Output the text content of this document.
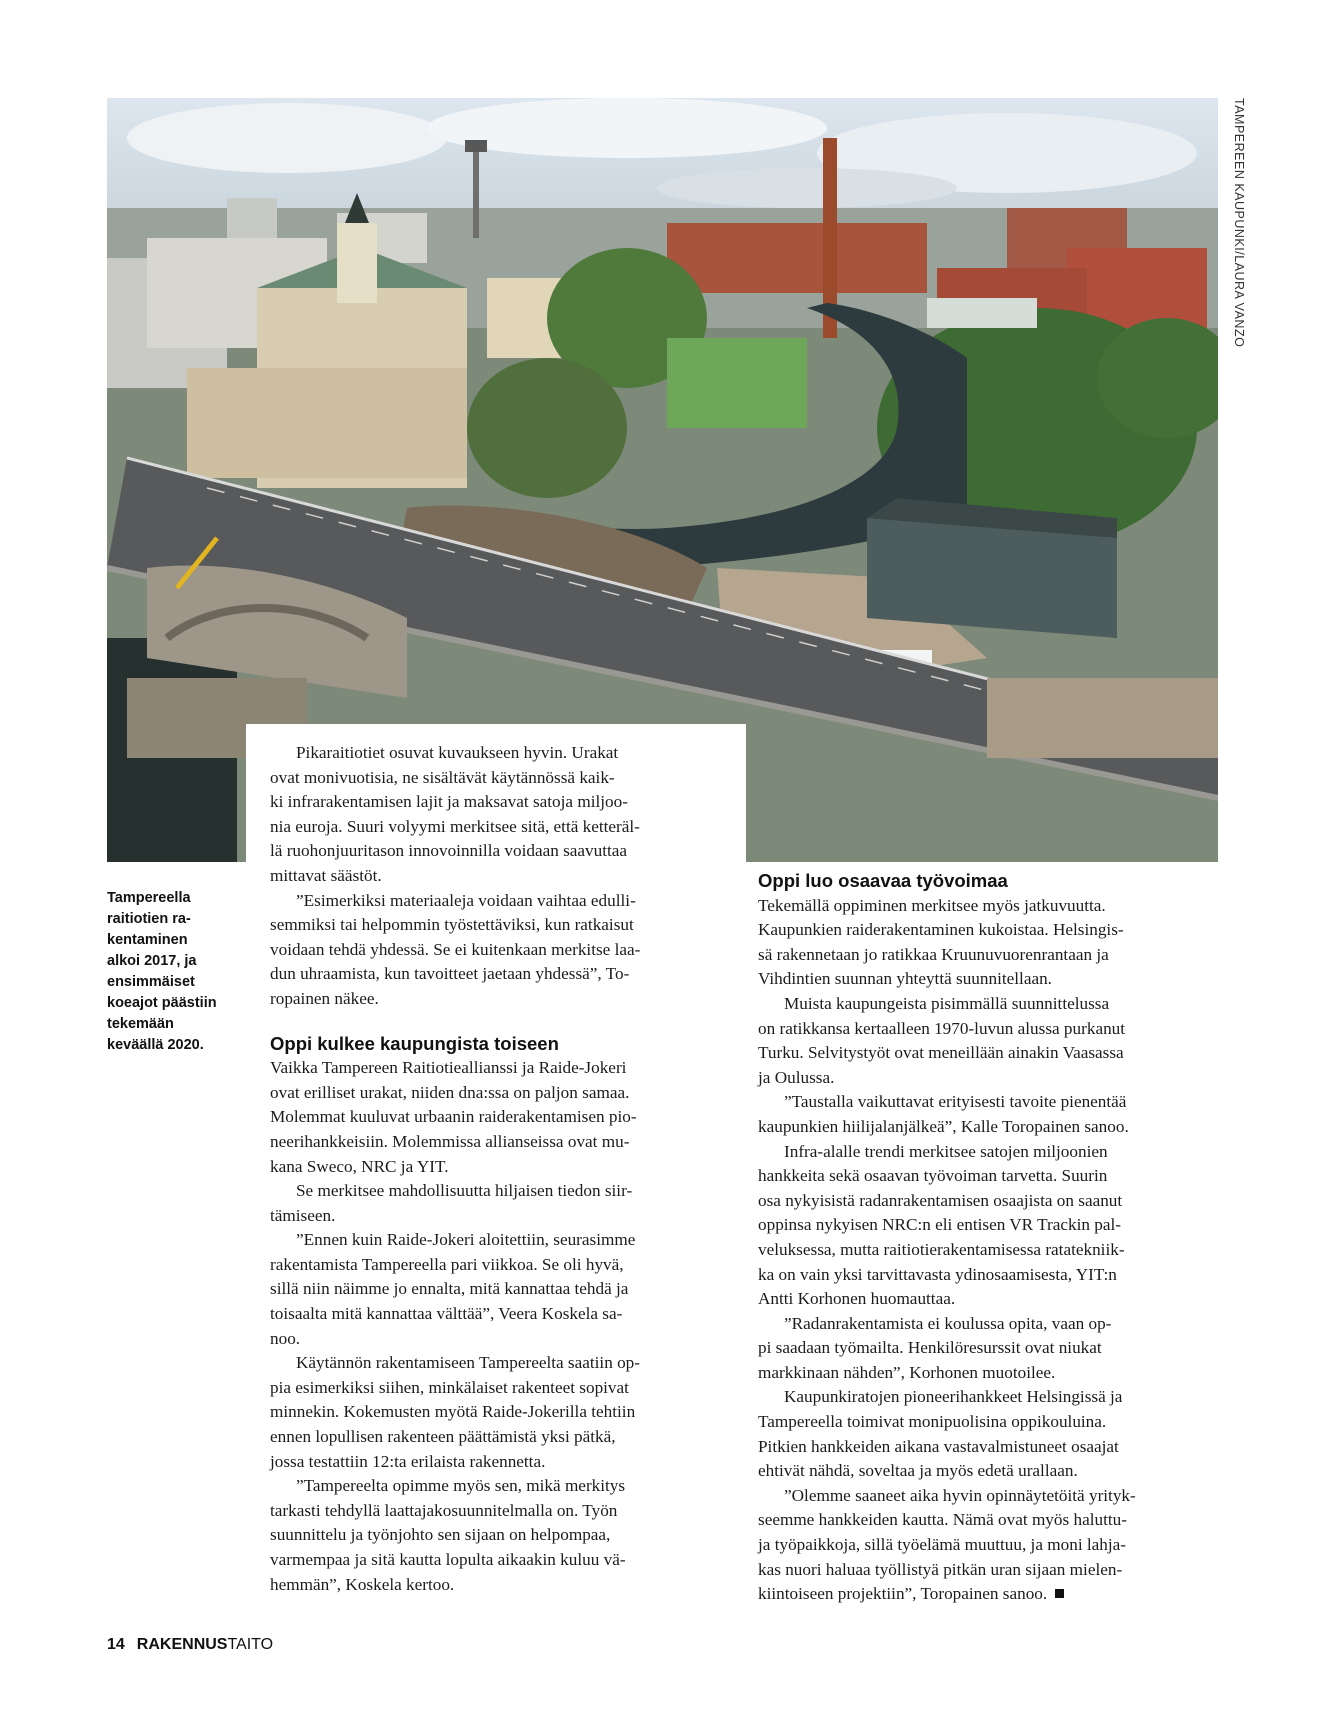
TAMPEREEN KAUPUNKI/LAURA VANZO
Tampereella
raitiotien ra-
kentaminen
alkoi 2017, ja
ensimmäiset
koeajot päästiin
tekemään
keväällä 2020.
Pikaraitiotiet osuvat kuvaukseen hyvin. Urakat
ovat monivuotisia, ne sisältävät käytännössä kaik-
ki infrarakentamisen lajit ja maksavat satoja miljoo-
nia euroja. Suuri volyymi merkitsee sitä, että ketteräl-
lä ruohonjuuritason innovoinnilla voidaan saavuttaa
mittavat säästöt.
”Esimerkiksi materiaaleja voidaan vaihtaa edulli-
semmiksi tai helpommin työstettäviksi, kun ratkaisut
voidaan tehdä yhdessä. Se ei kuitenkaan merkitse laa-
dun uhraamista, kun tavoitteet jaetaan yhdessä”, To-
ropainen näkee.
Oppi kulkee kaupungista toiseen
Vaikka Tampereen Raitiotieallianssi ja Raide-Jokeri
ovat erilliset urakat, niiden dna:ssa on paljon samaa.
Molemmat kuuluvat urbaanin raiderakentamisen pio-
neerihankkeisiin. Molemmissa allianseissa ovat mu-
kana Sweco, NRC ja YIT.
Se merkitsee mahdollisuutta hiljaisen tiedon siir-
tämiseen.
”Ennen kuin Raide-Jokeri aloitettiin, seurasimme
rakentamista Tampereella pari viikkoa. Se oli hyvä,
sillä niin näimme jo ennalta, mitä kannattaa tehdä ja
toisaalta mitä kannattaa välttää”, Veera Koskela sa-
noo.
Käytännön rakentamiseen Tampereelta saatiin op-
pia esimerkiksi siihen, minkälaiset rakenteet sopivat
minnekin. Kokemusten myötä Raide-Jokerilla tehtiin
ennen lopullisen rakenteen päättämistä yksi pätkä,
jossa testattiin 12:ta erilaista rakennetta.
”Tampereelta opimme myös sen, mikä merkitys
tarkasti tehdyllä laattajakosuunnitelmalla on. Työn
suunnittelu ja työnjohto sen sijaan on helpompaa,
varmempaa ja sitä kautta lopulta aikaakin kuluu vä-
hemmän”, Koskela kertoo.
Oppi luo osaavaa työvoimaa
Tekemällä oppiminen merkitsee myös jatkuvuutta.
Kaupunkien raiderakentaminen kukoistaa. Helsingis-
sä rakennetaan jo ratikkaa Kruunuvuorenrantaan ja
Vihdintien suunnan yhteyttä suunnitellaan.
Muista kaupungeista pisimmällä suunnittelussa
on ratikkansa kertaalleen 1970-luvun alussa purkanut
Turku. Selvitystyöt ovat meneillään ainakin Vaasassa
ja Oulussa.
”Taustalla vaikuttavat erityisesti tavoite pienentää
kaupunkien hiilijalanjälkeä”, Kalle Toropainen sanoo.
Infra-alalle trendi merkitsee satojen miljoonien
hankkeita sekä osaavan työvoiman tarvetta. Suurin
osa nykyisistä radanrakentamisen osaajista on saanut
oppinsa nykyisen NRC:n eli entisen VR Trackin pal-
veluksessa, mutta raitiotierakentamisessa ratatekniik-
ka on vain yksi tarvittavasta ydinosaamisesta, YIT:n
Antti Korhonen huomauttaa.
”Radanrakentamista ei koulussa opita, vaan op-
pi saadaan työmailta. Henkilöresurssit ovat niukat
markkinaan nähden”, Korhonen muotoilee.
Kaupunkiratojen pioneerihankkeet Helsingissä ja
Tampereella toimivat monipuolisina oppikouluina.
Pitkien hankkeiden aikana vastavalmistuneet osaajat
ehtivät nähdä, soveltaa ja myös edetä urallaan.
”Olemme saaneet aika hyvin opinnäytetöitä yrityk-
seemme hankkeiden kautta. Nämä ovat myös haluttu-
ja työpaikkoja, sillä työelämä muuttuu, ja moni lahja-
kas nuori haluaa työllistyä pitkän uran sijaan mielen-
kiintoiseen projektiin”, Toropainen sanoo.
14 RAKENNUSTAITO
